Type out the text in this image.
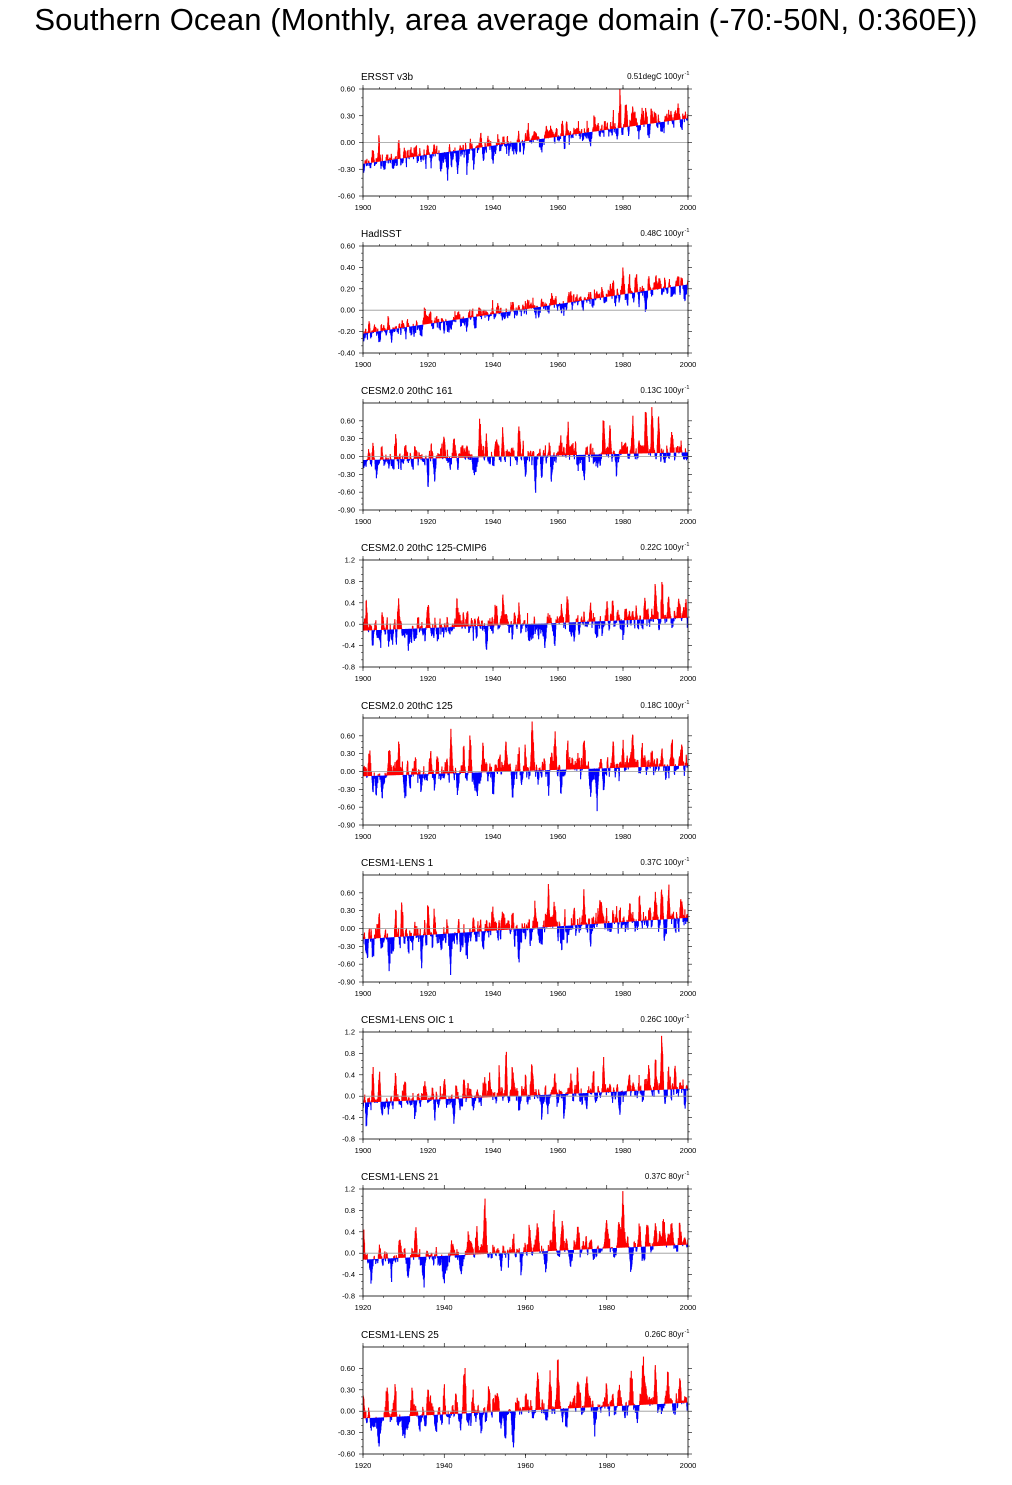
Southern Ocean (Monthly, area average domain (-70:-50N, 0:360E))
0.60
0.30
0.00
-0.30
-0.60
1900	1920	1940	1960	1980	2000
ERSST v3b	0.51degC 100yr -1
0.60
0.40
0.20
0.00
-0.20
-0.40
1900	1920	1940	1960	1980	2000
HadISST	0.48C 100yr -1
0.60
0.30
0.00
-0.30
-0.60
-0.90
1900	1920	1940	1960	1980	2000
CESM2.0 20thC 161	0.13C 100yr -1
1.2
0.8
0.4
0.0
-0.4
-0.8
1900	1920	1940	1960	1980	2000
CESM2.0 20thC 125-CMIP6	0.22C 100yr -1
0.60
0.30
0.00
-0.30
-0.60
-0.90
1900	1920	1940	1960	1980	2000
CESM2.0 20thC 125	0.18C 100yr -1
0.60
0.30
0.00
-0.30
-0.60
-0.90
1900	1920	1940	1960	1980	2000
CESM1-LENS 1	0.37C 100yr -1
1.2
0.8
0.4
0.0
-0.4
-0.8
1900	1920	1940	1960	1980	2000
CESM1-LENS OIC 1	0.26C 100yr -1
1.2
0.8
0.4
0.0
-0.4
-0.8
1920	1940	1960	1980	2000
CESM1-LENS 21	0.37C 80yr -1
0.60
0.30
0.00
-0.30
-0.60
1920	1940	1960	1980	2000
CESM1-LENS 25	0.26C 80yr -1
